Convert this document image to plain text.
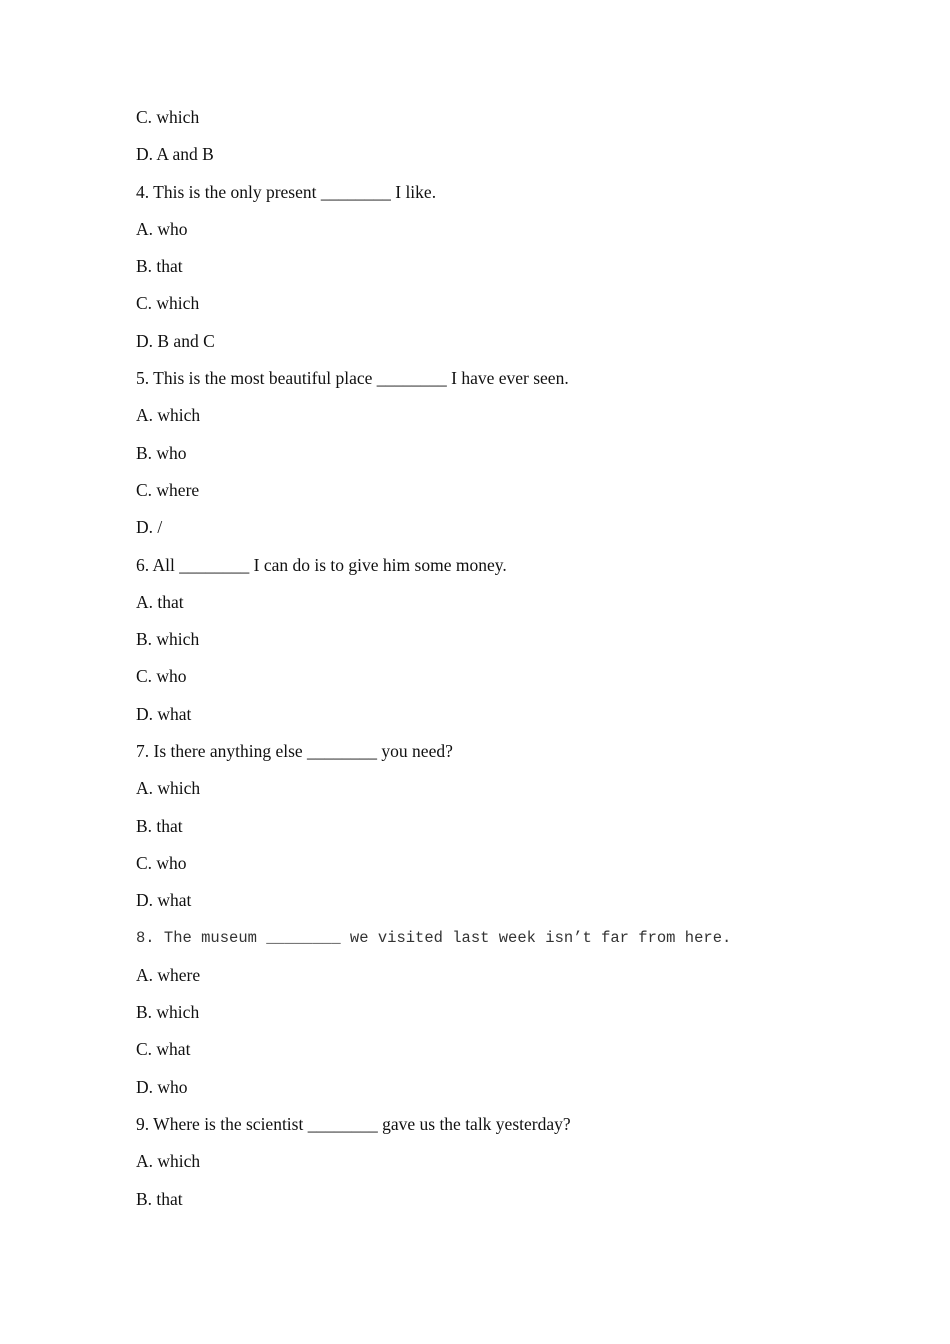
C. which
D. A and B
4. This is the only present ________ I like.
A. who
B. that
C. which
D. B and C
5. This is the most beautiful place ________ I have ever seen.
A. which
B. who
C. where
D. /
6. All ________ I can do is to give him some money.
A. that
B. which
C. who
D. what
7. Is there anything else ________ you need?
A. which
B. that
C. who
D. what
8. The museum ________ we visited last week isn’t far from here.
A. where
B. which
C. what
D. who
9. Where is the scientist ________ gave us the talk yesterday?
A. which
B. that
